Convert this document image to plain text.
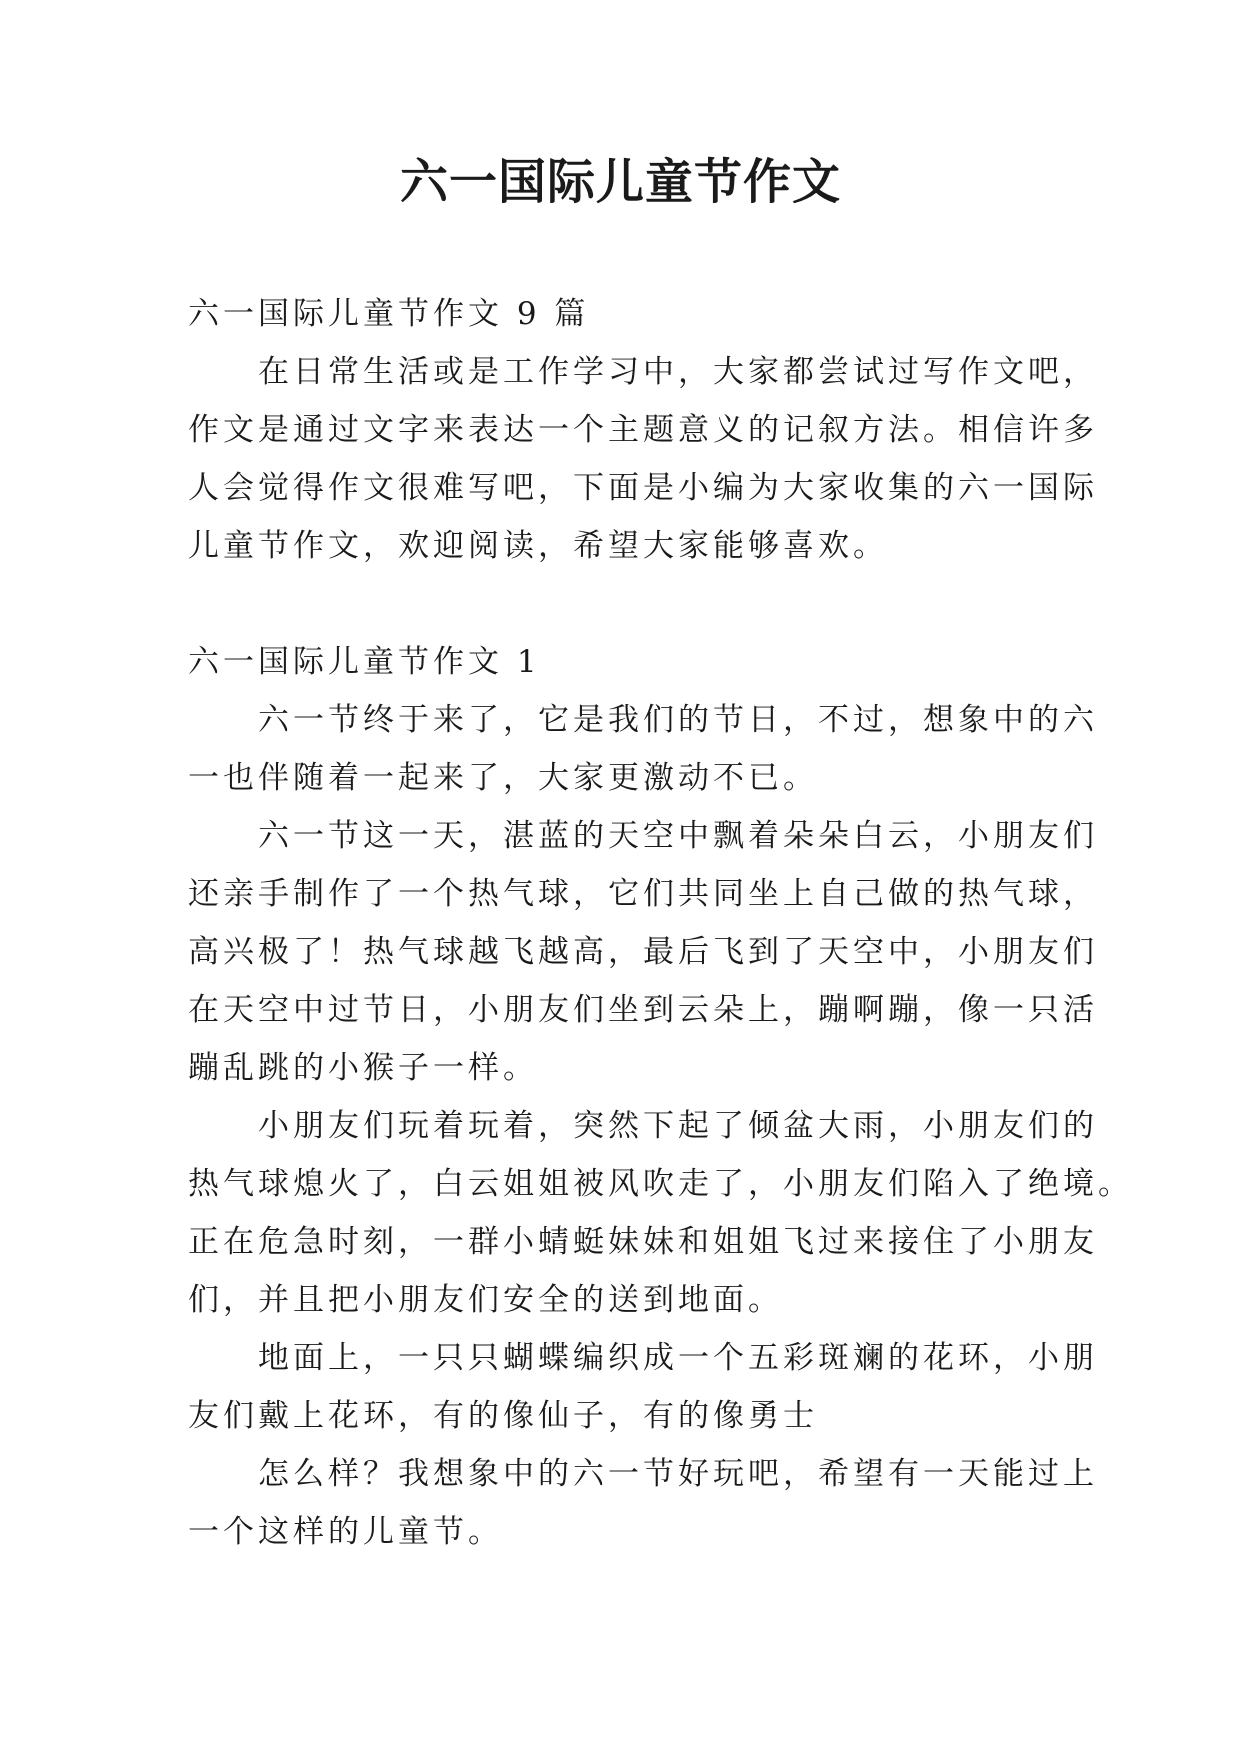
六一国际儿童节作文

六一国际儿童节作文 9 篇

在日常生活或是工作学习中，大家都尝试过写作文吧，

作文是通过文字来表达一个主题意义的记叙方法。相信许多

人会觉得作文很难写吧，下面是小编为大家收集的六一国际

儿童节作文，欢迎阅读，希望大家能够喜欢。

六一国际儿童节作文 1

六一节终于来了，它是我们的节日，不过，想象中的六

一也伴随着一起来了，大家更激动不已。

六一节这一天，湛蓝的天空中飘着朵朵白云，小朋友们

还亲手制作了一个热气球，它们共同坐上自己做的热气球，

高兴极了！热气球越飞越高，最后飞到了天空中，小朋友们

在天空中过节日，小朋友们坐到云朵上，蹦啊蹦，像一只活

蹦乱跳的小猴子一样。

小朋友们玩着玩着，突然下起了倾盆大雨，小朋友们的

热气球熄火了，白云姐姐被风吹走了，小朋友们陷入了绝境。

正在危急时刻，一群小蜻蜓妹妹和姐姐飞过来接住了小朋友

们，并且把小朋友们安全的送到地面。

地面上，一只只蝴蝶编织成一个五彩斑斓的花环，小朋

友们戴上花环，有的像仙子，有的像勇士

怎么样？我想象中的六一节好玩吧，希望有一天能过上

一个这样的儿童节。
